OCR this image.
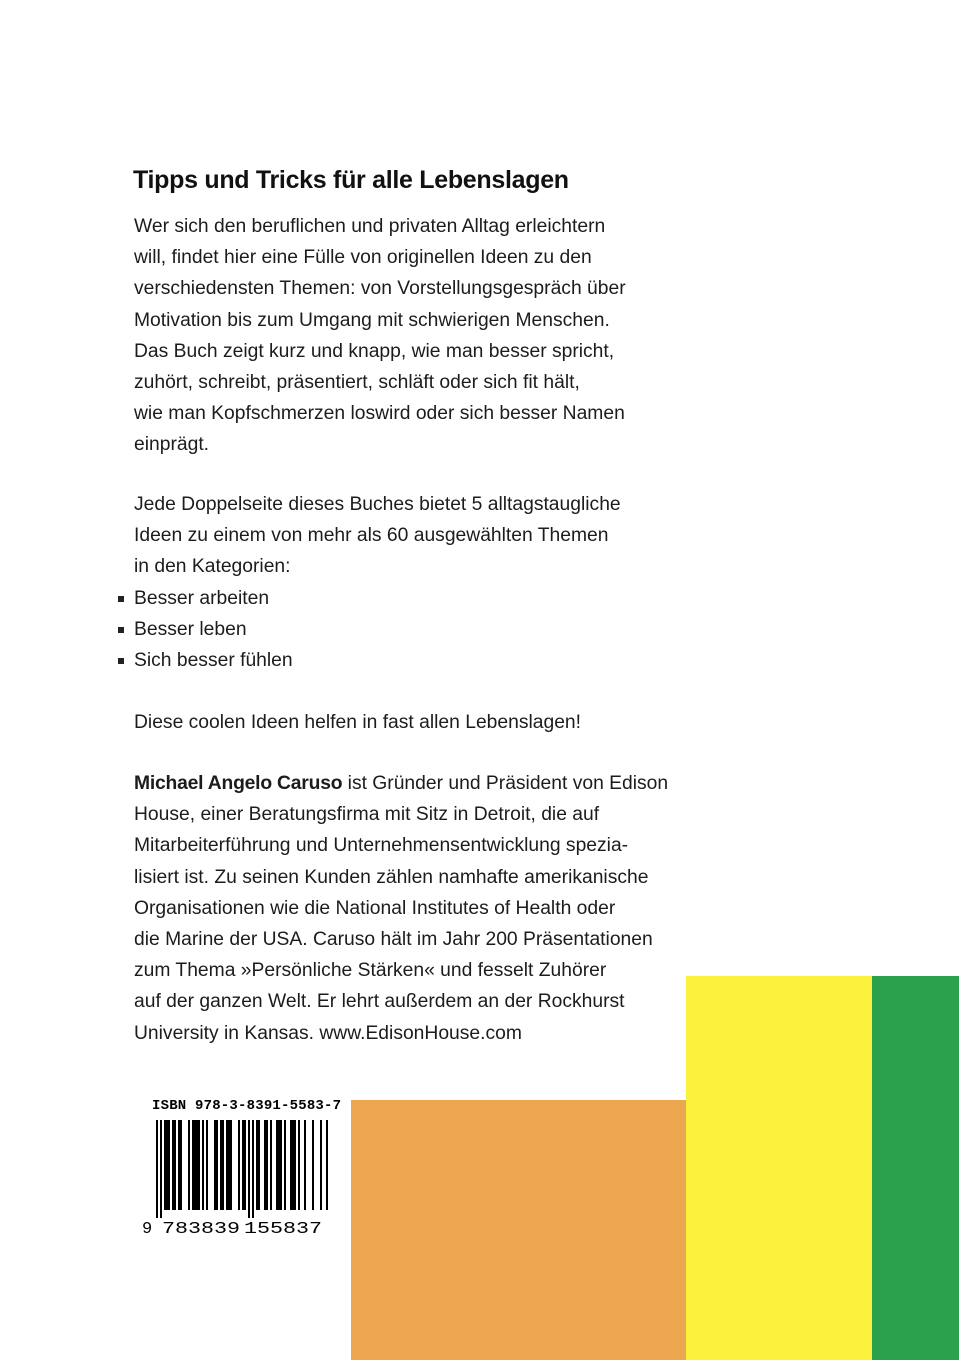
Tipps und Tricks für alle Lebenslagen

Wer sich den beruflichen und privaten Alltag erleichtern
will, findet hier eine Fülle von originellen Ideen zu den
verschiedensten Themen: von Vorstellungsgespräch über
Motivation bis zum Umgang mit schwierigen Menschen.
Das Buch zeigt kurz und knapp, wie man besser spricht,
zuhört, schreibt, präsentiert, schläft oder sich fit hält,
wie man Kopfschmerzen loswird oder sich besser Namen
einprägt.

Jede Doppelseite dieses Buches bietet 5 alltagstaugliche
Ideen zu einem von mehr als 60 ausgewählten Themen
in den Kategorien:

Besser arbeiten
Besser leben
Sich besser fühlen

Diese coolen Ideen helfen in fast allen Lebenslagen!

Michael Angelo Caruso ist Gründer und Präsident von Edison
House, einer Beratungsfirma mit Sitz in Detroit, die auf
Mitarbeiterführung und Unternehmensentwicklung spezia-
lisiert ist. Zu seinen Kunden zählen namhafte amerikanische
Organisationen wie die National Institutes of Health oder
die Marine der USA. Caruso hält im Jahr 200 Präsentationen
zum Thema »Persönliche Stärken« und fesselt Zuhörer
auf der ganzen Welt. Er lehrt außerdem an der Rockhurst
University in Kansas. www.EdisonHouse.com

ISBN 978-3-8391-5583-7
9 783839 155837
